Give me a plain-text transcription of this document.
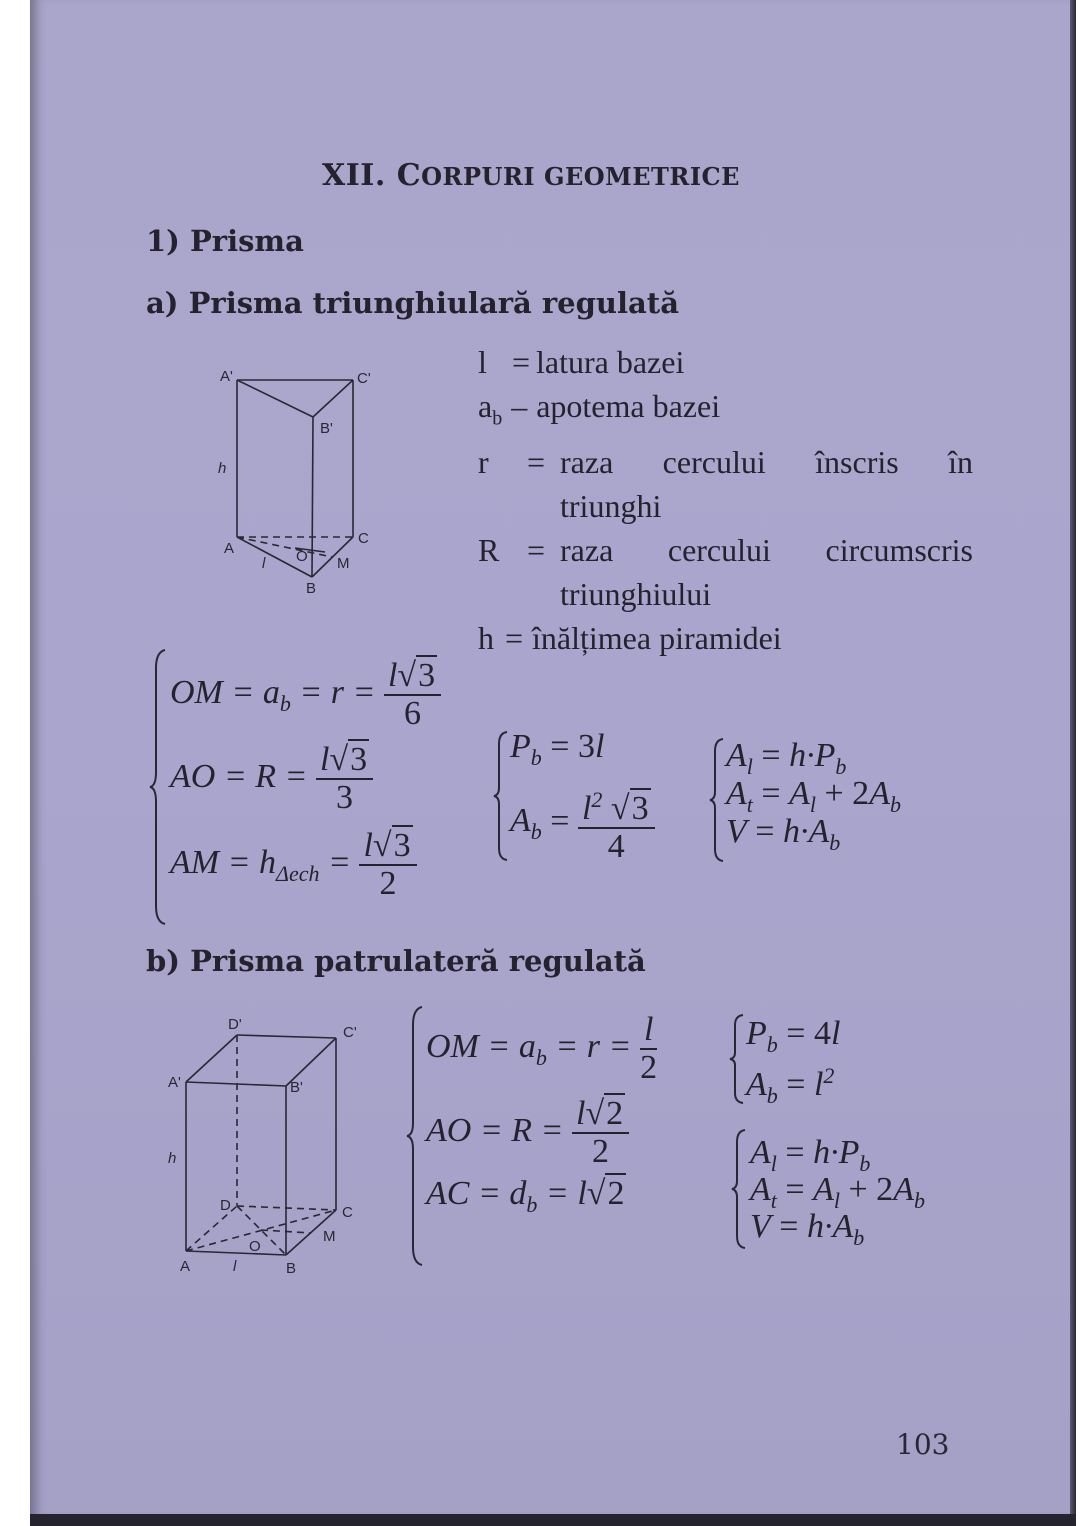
XII. CORPURI GEOMETRICE
1) Prisma
a) Prisma triunghiulară regulată
A'	C'
B'
h
A
C
O M
B
l
l = latura bazei
$a_b$ – apotema bazei
r	= raza cercului înscris în
triunghi
R = raza cercului circumscris
triunghiului
h = înălțimea piramidei
OM = $a_b = r = \frac{l√3}{6}$
AO = $R = \frac{l√3}{3}$
AM = $h_{\Delta ech} = \frac{l√3}{2}$
$P_b = 3l$
$A_b = \frac{l^2 √3}{4}$
$A_l = h\cdot P_b$
$A_t = A_l + 2A_b$
$V = h\cdot A_b$
b) Prisma patrulateră regulată
D'	C'
A'	B'
h
D	C
M
O
A	l	B
OM = $a_b = r = \frac{l}{2}$
AO = $R = \frac{l√2}{2}$
AC = $d_b = l√2$
$P_b = 4l$
$A_b = l^2$
$A_l = h\cdot P_b$
$A_t = A_l + 2A_b$
$V = h\cdot A_b$
103
